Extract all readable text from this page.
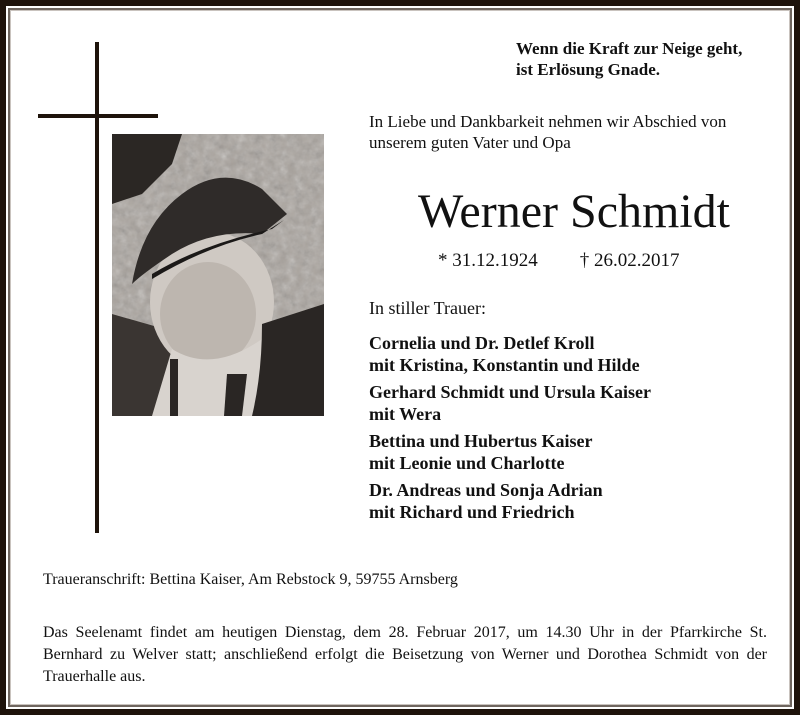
Wenn die Kraft zur Neige geht,
ist Erlösung Gnade.
In Liebe und Dankbarkeit nehmen wir Abschied von
unserem guten Vater und Opa
Werner Schmidt
* 31.12.1924 † 26.02.2017
In stiller Trauer:
Cornelia und Dr. Detlef Kroll
mit Kristina, Konstantin und Hilde
Gerhard Schmidt und Ursula Kaiser
mit Wera
Bettina und Hubertus Kaiser
mit Leonie und Charlotte
Dr. Andreas und Sonja Adrian
mit Richard und Friedrich
Traueranschrift: Bettina Kaiser, Am Rebstock 9, 59755 Arnsberg
Das Seelenamt findet am heutigen Dienstag, dem 28. Februar 2017, um 14.30 Uhr in der Pfarrkirche St. Bernhard zu Welver statt; anschließend erfolgt die Beisetzung von Werner und Dorothea Schmidt von der Trauerhalle aus.
